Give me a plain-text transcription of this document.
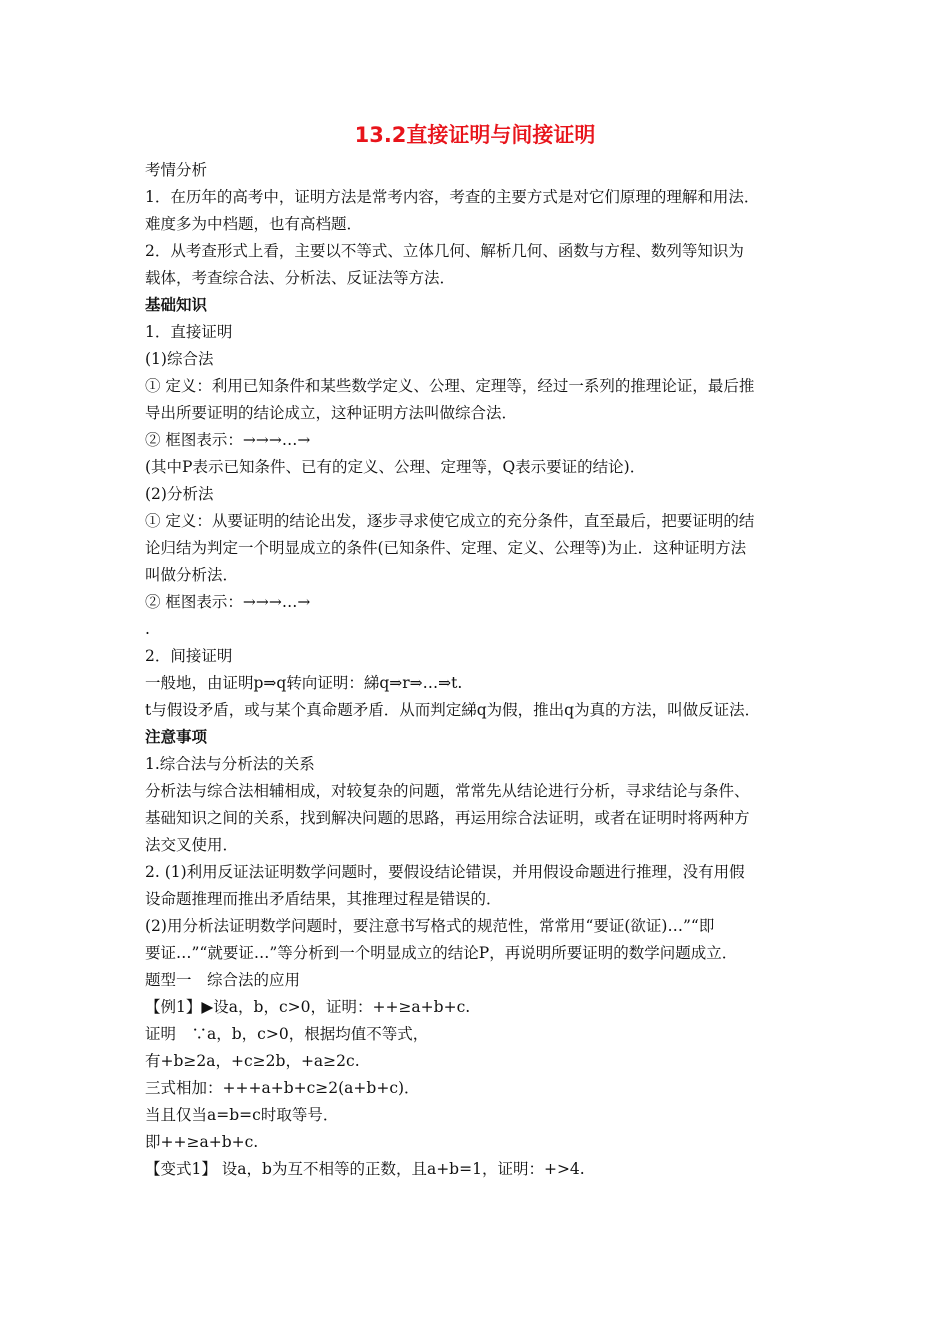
13.2直接证明与间接证明
考情分析
1．在历年的高考中，证明方法是常考内容，考查的主要方式是对它们原理的理解和用法．
难度多为中档题，也有高档题．
2．从考查形式上看，主要以不等式、立体几何、解析几何、函数与方程、数列等知识为
载体，考查综合法、分析法、反证法等方法．
基础知识
1．直接证明
(1)综合法
① 定义：利用已知条件和某些数学定义、公理、定理等，经过一系列的推理论证，最后推
导出所要证明的结论成立，这种证明方法叫做综合法．
② 框图表示：→→→…→
(其中P表示已知条件、已有的定义、公理、定理等，Q表示要证的结论)．
(2)分析法
① 定义：从要证明的结论出发，逐步寻求使它成立的充分条件，直至最后，把要证明的结
论归结为判定一个明显成立的条件(已知条件、定理、定义、公理等)为止．这种证明方法
叫做分析法．
② 框图表示：→→→…→
.
2．间接证明
一般地，由证明p⇒q转向证明：綈q⇒r⇒…⇒t.
t与假设矛盾，或与某个真命题矛盾．从而判定綈q为假，推出q为真的方法，叫做反证法．
注意事项
1.综合法与分析法的关系
分析法与综合法相辅相成，对较复杂的问题，常常先从结论进行分析，寻求结论与条件、
基础知识之间的关系，找到解决问题的思路，再运用综合法证明，或者在证明时将两种方
法交叉使用．
2. (1)利用反证法证明数学问题时，要假设结论错误，并用假设命题进行推理，没有用假
设命题推理而推出矛盾结果，其推理过程是错误的．
(2)用分析法证明数学问题时，要注意书写格式的规范性，常常用“要证(欲证)…”“即
要证…”“就要证…”等分析到一个明显成立的结论P，再说明所要证明的数学问题成立．
题型一　综合法的应用
【例1】▶设a，b，c>0，证明：++≥a+b+c.
证明　∵a，b，c>0，根据均值不等式，
有+b≥2a，+c≥2b，+a≥2c.
三式相加：+++a+b+c≥2(a+b+c)．
当且仅当a=b=c时取等号．
即++≥a+b+c.
【变式1】 设a，b为互不相等的正数，且a+b=1，证明：+>4.
